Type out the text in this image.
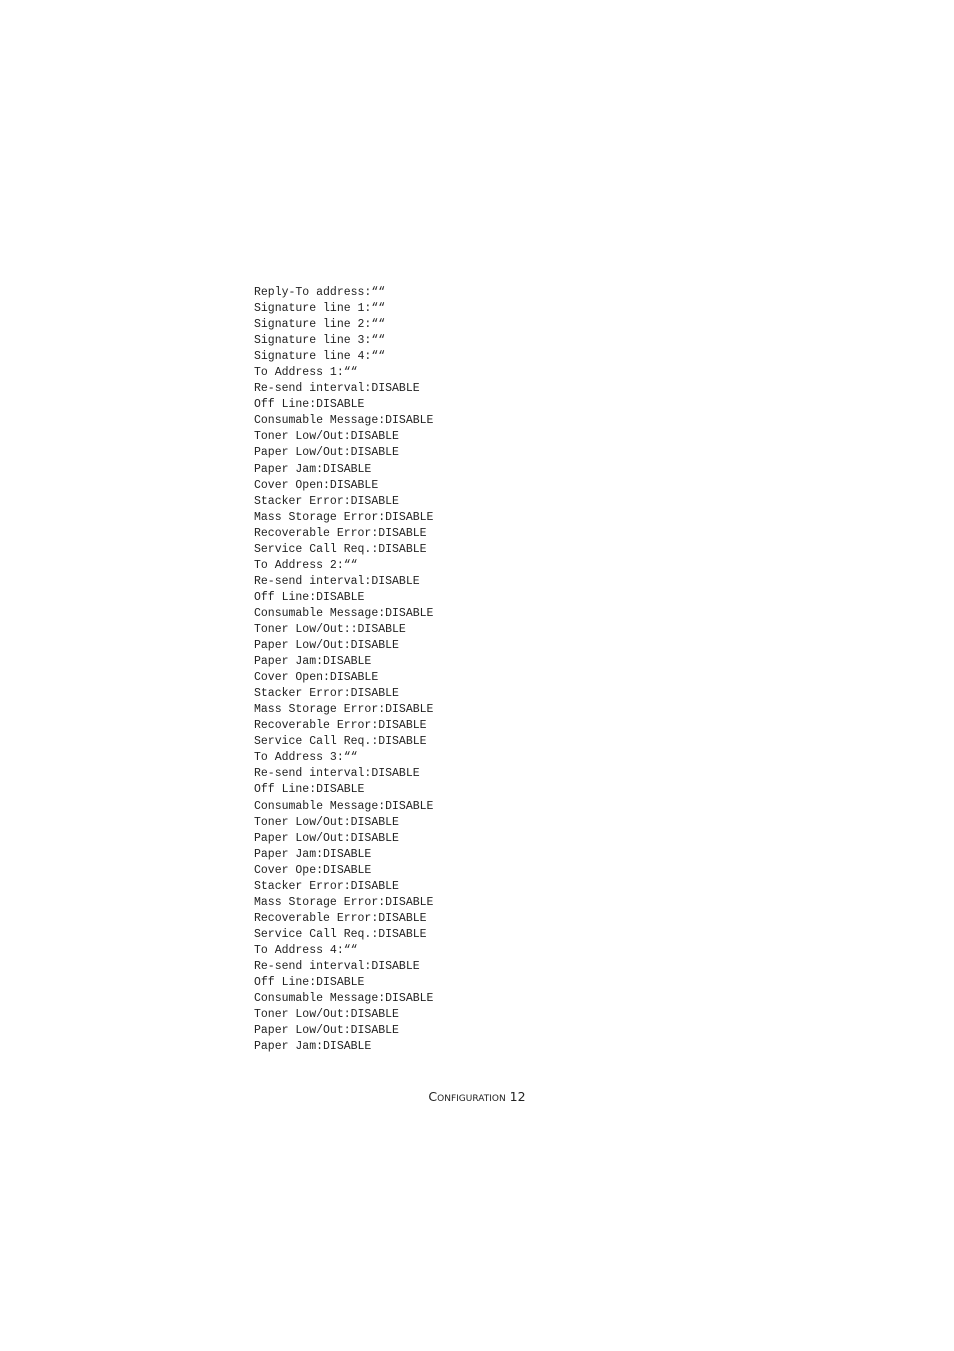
Reply-To address:““
Signature line 1:““
Signature line 2:““
Signature line 3:““
Signature line 4:““
To Address 1:““
Re-send interval:DISABLE
Off Line:DISABLE
Consumable Message:DISABLE
Toner Low/Out:DISABLE
Paper Low/Out:DISABLE
Paper Jam:DISABLE
Cover Open:DISABLE
Stacker Error:DISABLE
Mass Storage Error:DISABLE
Recoverable Error:DISABLE
Service Call Req.:DISABLE
To Address 2:““
Re-send interval:DISABLE
Off Line:DISABLE
Consumable Message:DISABLE
Toner Low/Out::DISABLE
Paper Low/Out:DISABLE
Paper Jam:DISABLE
Cover Open:DISABLE
Stacker Error:DISABLE
Mass Storage Error:DISABLE
Recoverable Error:DISABLE
Service Call Req.:DISABLE
To Address 3:““
Re-send interval:DISABLE
Off Line:DISABLE
Consumable Message:DISABLE
Toner Low/Out:DISABLE
Paper Low/Out:DISABLE
Paper Jam:DISABLE
Cover Ope:DISABLE
Stacker Error:DISABLE
Mass Storage Error:DISABLE
Recoverable Error:DISABLE
Service Call Req.:DISABLE
To Address 4:““
Re-send interval:DISABLE
Off Line:DISABLE
Consumable Message:DISABLE
Toner Low/Out:DISABLE
Paper Low/Out:DISABLE
Paper Jam:DISABLE
Configuration 12
